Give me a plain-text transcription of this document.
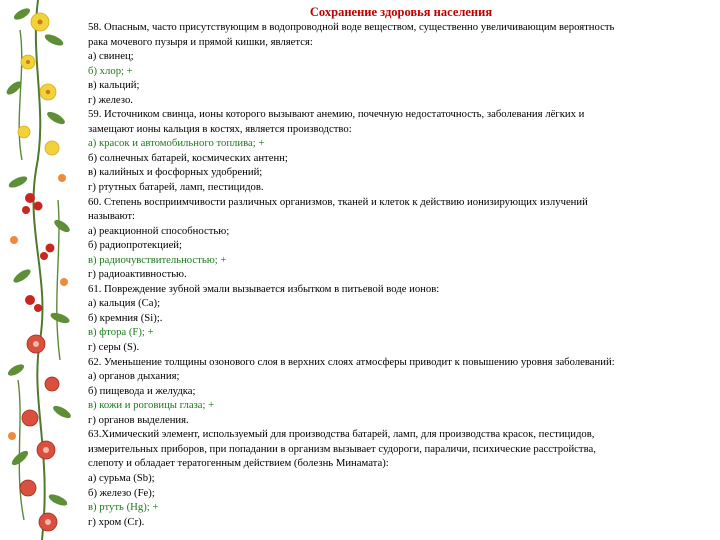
Сохранение здоровья населения
58. Опасным, часто присутствующим в водопроводной воде веществом, существенно увеличивающим вероятность
рака мочевого пузыря и прямой кишки, является:
а) свинец;
б) хлор; +
в) кальций;
г) железо.
59. Источником свинца, ионы которого вызывают анемию, почечную недостаточность, заболевания лёгких и
замещают ионы кальция в костях, является производство:
а) красок и автомобильного топлива; +
б) солнечных батарей, космических антенн;
в) калийных и фосфорных удобрений;
г) ртутных батарей, ламп, пестицидов.
60. Степень восприимчивости различных организмов, тканей и клеток к действию ионизирующих излучений
называют:
а) реакционной способностью;
б) радиопротекцией;
в) радиочувствительностью; +
г) радиоактивностью.
61. Повреждение зубной эмали вызывается избытком в питьевой воде ионов:
а) кальция (Са);
б) кремния (Si);.
в) фтора (F); +
г) серы (S).
62. Уменьшение толщины озонового слоя в верхних слоях атмосферы приводит к повышению уровня заболеваний:
а) органов дыхания;
б) пищевода и желудка;
в) кожи и роговицы глаза; +
г) органов выделения.
63.Химический элемент, используемый для производства батарей, ламп, для производства красок, пестицидов,
измерительных приборов, при попадании в организм вызывает судороги, параличи, психические расстройства,
слепоту и обладает тератогенным действием (болезнь Минамата):
а) сурьма (Sb);
б) железо (Fe);
в) ртуть (Hg); +
г) хром (Cr).
